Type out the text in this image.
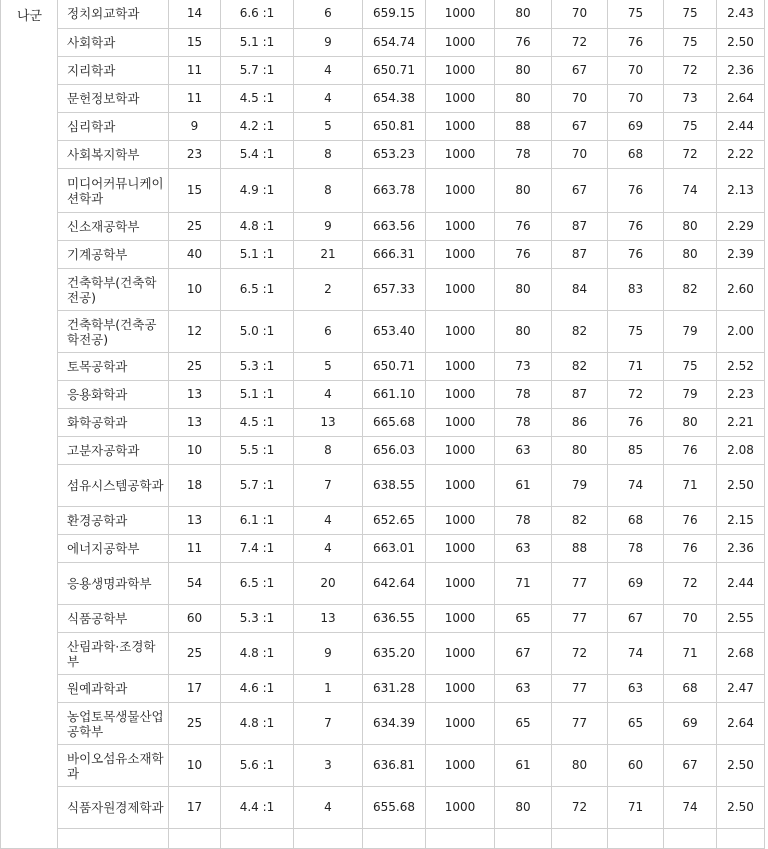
나군	정치외교학과	14	6.6 :1	6	659.15	1000	80	70	75	75	2.43
	사회학과	15	5.1 :1	9	654.74	1000	76	72	76	75	2.50
	지리학과	11	5.7 :1	4	650.71	1000	80	67	70	72	2.36
	문헌정보학과	11	4.5 :1	4	654.38	1000	80	70	70	73	2.64
	심리학과	9	4.2 :1	5	650.81	1000	88	67	69	75	2.44
	사회복지학부	23	5.4 :1	8	653.23	1000	78	70	68	72	2.22
	미디어커뮤니케이션학과	15	4.9 :1	8	663.78	1000	80	67	76	74	2.13
	신소재공학부	25	4.8 :1	9	663.56	1000	76	87	76	80	2.29
	기계공학부	40	5.1 :1	21	666.31	1000	76	87	76	80	2.39
	건축학부(건축학전공)	10	6.5 :1	2	657.33	1000	80	84	83	82	2.60
	건축학부(건축공학전공)	12	5.0 :1	6	653.40	1000	80	82	75	79	2.00
	토목공학과	25	5.3 :1	5	650.71	1000	73	82	71	75	2.52
	응용화학과	13	5.1 :1	4	661.10	1000	78	87	72	79	2.23
	화학공학과	13	4.5 :1	13	665.68	1000	78	86	76	80	2.21
	고분자공학과	10	5.5 :1	8	656.03	1000	63	80	85	76	2.08
	섬유시스템공학과	18	5.7 :1	7	638.55	1000	61	79	74	71	2.50
	환경공학과	13	6.1 :1	4	652.65	1000	78	82	68	76	2.15
	에너지공학부	11	7.4 :1	4	663.01	1000	63	88	78	76	2.36
	응용생명과학부	54	6.5 :1	20	642.64	1000	71	77	69	72	2.44
	식품공학부	60	5.3 :1	13	636.55	1000	65	77	67	70	2.55
	산림과학·조경학부	25	4.8 :1	9	635.20	1000	67	72	74	71	2.68
	원예과학과	17	4.6 :1	1	631.28	1000	63	77	63	68	2.47
	농업토목생물산업공학부	25	4.8 :1	7	634.39	1000	65	77	65	69	2.64
	바이오섬유소재학과	10	5.6 :1	3	636.81	1000	61	80	60	67	2.50
	식품자원경제학과	17	4.4 :1	4	655.68	1000	80	72	71	74	2.50
